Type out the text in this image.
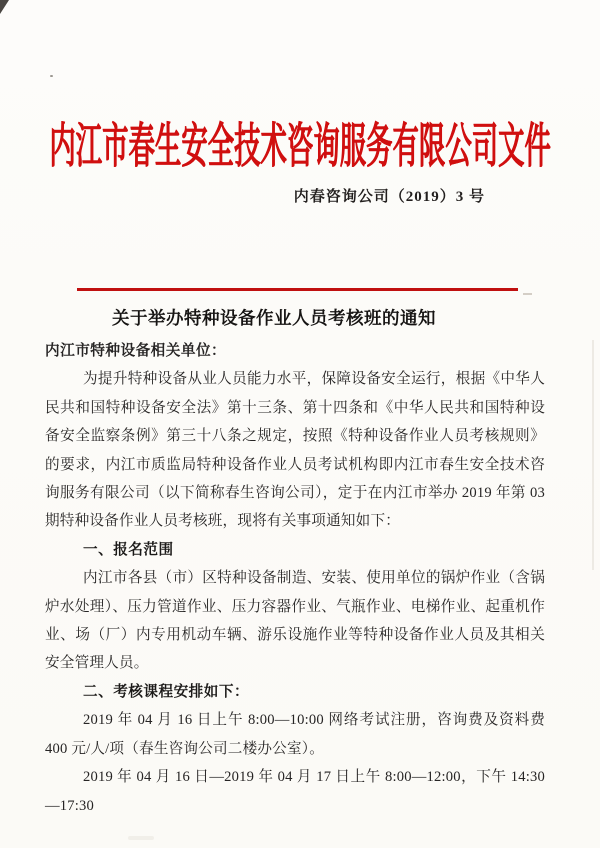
内江市春生安全技术咨询服务有限公司文件
内春咨询公司（2019）3 号
关于举办特种设备作业人员考核班的通知

内江市特种设备相关单位：

为提升特种设备从业人员能力水平，保障设备安全运行，根据《中华人民共和国特种设备安全法》第十三条、第十四条和《中华人民共和国特种设备安全监察条例》第三十八条之规定，按照《特种设备作业人员考核规则》的要求，内江市质监局特种设备作业人员考试机构即内江市春生安全技术咨询服务有限公司（以下简称春生咨询公司），定于在内江市举办 2019 年第 03 期特种设备作业人员考核班，现将有关事项通知如下：

一、报名范围

内江市各县（市）区特种设备制造、安装、使用单位的锅炉作业（含锅炉水处理）、压力管道作业、压力容器作业、气瓶作业、电梯作业、起重机作业、场（厂）内专用机动车辆、游乐设施作业等特种设备作业人员及其相关安全管理人员。

二、考核课程安排如下：

2019 年 04 月 16 日上午 8:00—10:00 网络考试注册，咨询费及资料费 400 元/人/项（春生咨询公司二楼办公室）。

2019 年 04 月 16 日—2019 年 04 月 17 日上午 8:00—12:00，下午 14:30—17:30
